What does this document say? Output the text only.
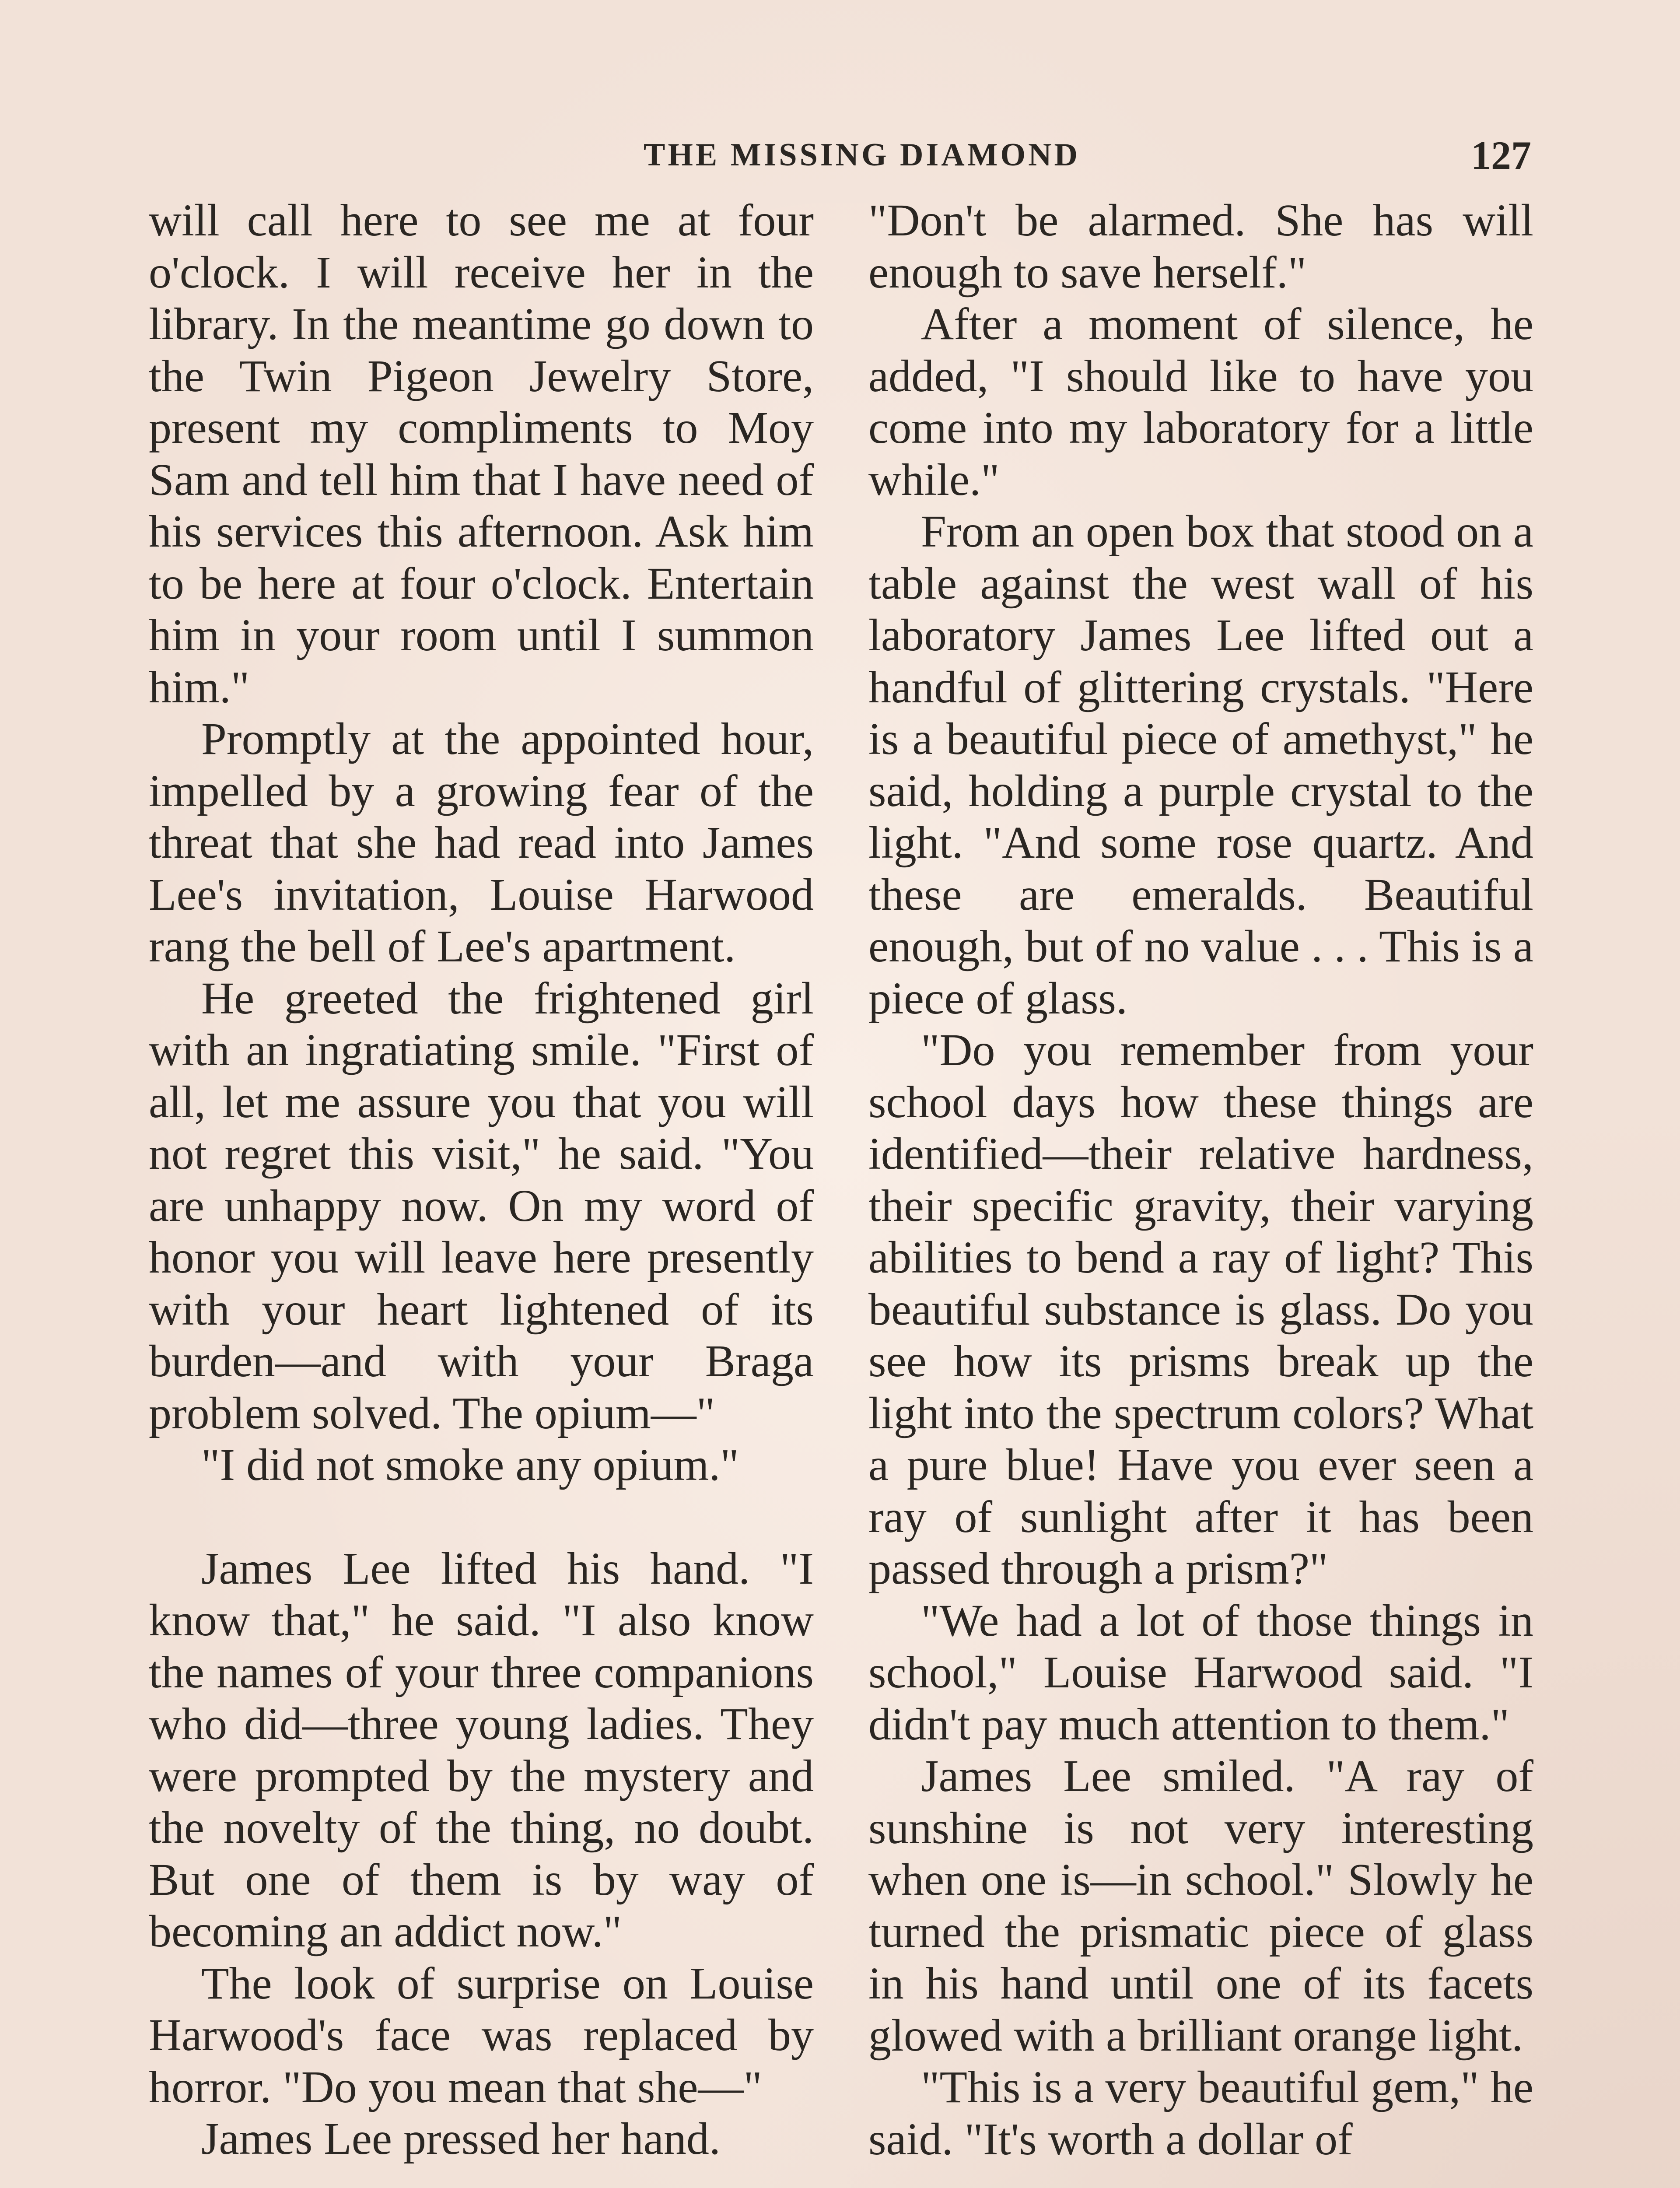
THE MISSING DIAMOND	127

will call here to see me at four o'clock. I will receive her in the library. In the meantime go down to the Twin Pigeon Jewelry Store, present my compliments to Moy Sam and tell him that I have need of his services this afternoon. Ask him to be here at four o'clock. Entertain him in your room until I summon him."

Promptly at the appointed hour, impelled by a growing fear of the threat that she had read into James Lee's invitation, Louise Harwood rang the bell of Lee's apartment.

He greeted the frightened girl with an ingratiating smile. "First of all, let me assure you that you will not regret this visit," he said. "You are unhappy now. On my word of honor you will leave here presently with your heart lightened of its burden—and with your Braga problem solved. The opium—"

"I did not smoke any opium."

James Lee lifted his hand. "I know that," he said. "I also know the names of your three companions who did—three young ladies. They were prompted by the mystery and the novelty of the thing, no doubt. But one of them is by way of becoming an addict now."

The look of surprise on Louise Harwood's face was replaced by horror. "Do you mean that she—"

James Lee pressed her hand.

"Don't be alarmed. She has will enough to save herself."

After a moment of silence, he added, "I should like to have you come into my laboratory for a little while."

From an open box that stood on a table against the west wall of his laboratory James Lee lifted out a handful of glittering crystals. "Here is a beautiful piece of amethyst," he said, holding a purple crystal to the light. "And some rose quartz. And these are emeralds. Beautiful enough, but of no value . . . This is a piece of glass.

"Do you remember from your school days how these things are identified—their relative hardness, their specific gravity, their varying abilities to bend a ray of light? This beautiful substance is glass. Do you see how its prisms break up the light into the spectrum colors? What a pure blue! Have you ever seen a ray of sunlight after it has been passed through a prism?"

"We had a lot of those things in school," Louise Harwood said. "I didn't pay much attention to them."

James Lee smiled. "A ray of sunshine is not very interesting when one is—in school." Slowly he turned the prismatic piece of glass in his hand until one of its facets glowed with a brilliant orange light.

"This is a very beautiful gem," he said. "It's worth a dollar of
